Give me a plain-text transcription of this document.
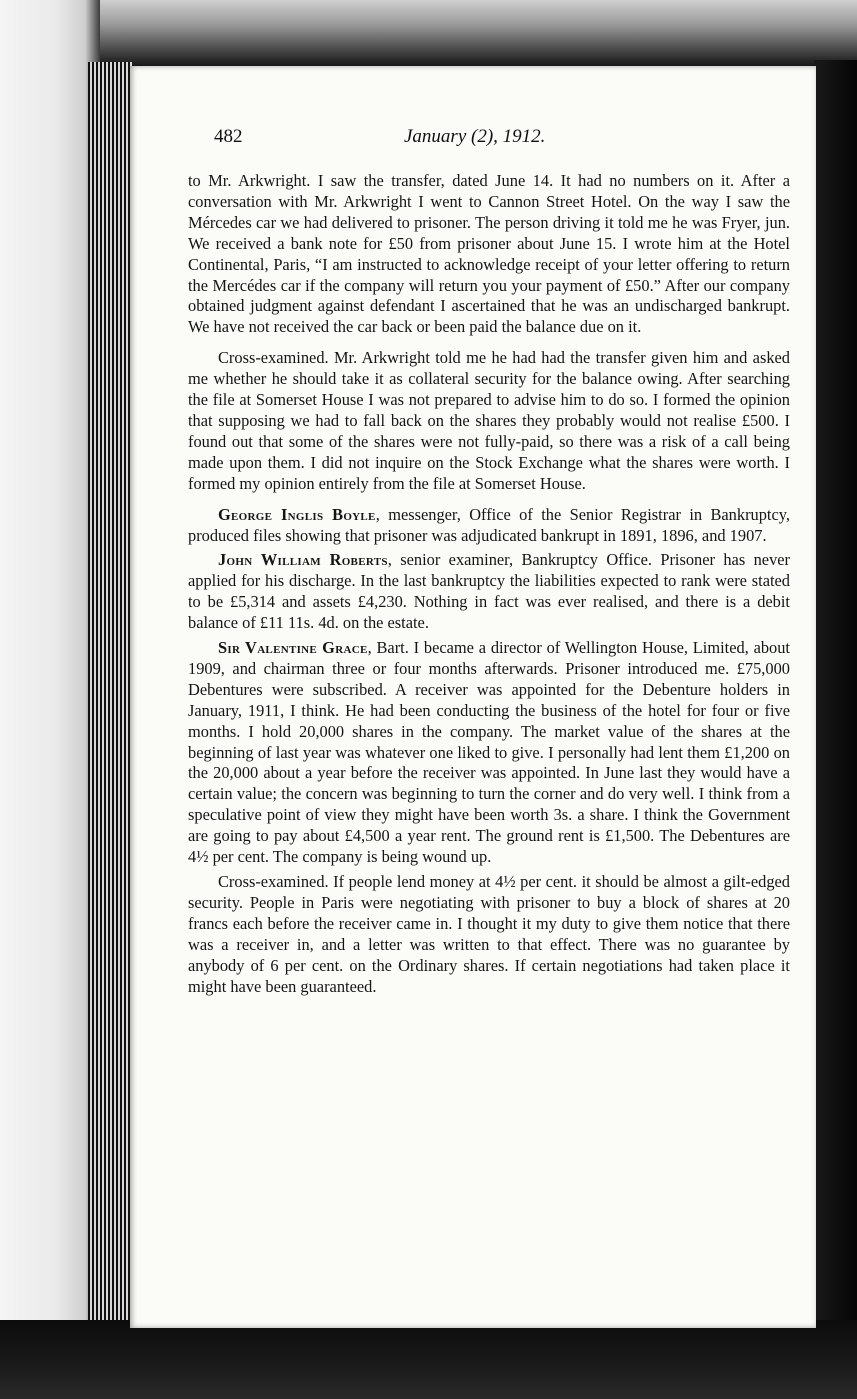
482	January (2), 1912.

to Mr. Arkwright. I saw the transfer, dated June 14. It had no numbers on it. After a conversation with Mr. Arkwright I went to Cannon Street Hotel. On the way I saw the Mércedes car we had delivered to prisoner. The person driving it told me he was Fryer, jun. We received a bank note for £50 from prisoner about June 15. I wrote him at the Hotel Continental, Paris, “I am instructed to acknowledge receipt of your letter offering to return the Mercédes car if the company will return you your payment of £50.” After our company obtained judgment against defendant I ascertained that he was an undischarged bankrupt. We have not received the car back or been paid the balance due on it.

Cross-examined. Mr. Arkwright told me he had had the transfer given him and asked me whether he should take it as collateral security for the balance owing. After searching the file at Somerset House I was not prepared to advise him to do so. I formed the opinion that supposing we had to fall back on the shares they probably would not realise £500. I found out that some of the shares were not fully-paid, so there was a risk of a call being made upon them. I did not inquire on the Stock Exchange what the shares were worth. I formed my opinion entirely from the file at Somerset House.

George Inglis Boyle, messenger, Office of the Senior Registrar in Bankruptcy, produced files showing that prisoner was adjudicated bankrupt in 1891, 1896, and 1907.

John William Roberts, senior examiner, Bankruptcy Office. Prisoner has never applied for his discharge. In the last bankruptcy the liabilities expected to rank were stated to be £5,314 and assets £4,230. Nothing in fact was ever realised, and there is a debit balance of £11 11s. 4d. on the estate.

Sir Valentine Grace, Bart. I became a director of Wellington House, Limited, about 1909, and chairman three or four months afterwards. Prisoner introduced me. £75,000 Debentures were subscribed. A receiver was appointed for the Debenture holders in January, 1911, I think. He had been conducting the business of the hotel for four or five months. I hold 20,000 shares in the company. The market value of the shares at the beginning of last year was whatever one liked to give. I personally had lent them £1,200 on the 20,000 about a year before the receiver was appointed. In June last they would have a certain value; the concern was beginning to turn the corner and do very well. I think from a speculative point of view they might have been worth 3s. a share. I think the Government are going to pay about £4,500 a year rent. The ground rent is £1,500. The Debentures are 4½ per cent. The company is being wound up.

Cross-examined. If people lend money at 4½ per cent. it should be almost a gilt-edged security. People in Paris were negotiating with prisoner to buy a block of shares at 20 francs each before the receiver came in. I thought it my duty to give them notice that there was a receiver in, and a letter was written to that effect. There was no guarantee by anybody of 6 per cent. on the Ordinary shares. If certain negotiations had taken place it might have been guaranteed.
